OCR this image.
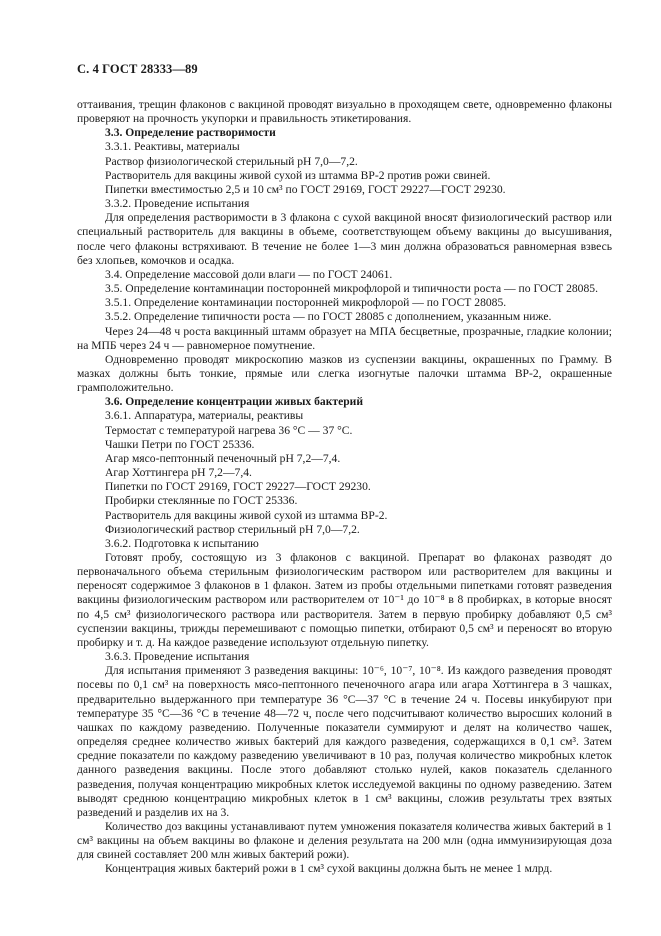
С. 4 ГОСТ 28333—89

оттаивания, трещин флаконов с вакциной проводят визуально в проходящем свете, одновременно флаконы проверяют на прочность укупорки и правильность этикетирования.

3.3. Определение растворимости

3.3.1. Реактивы, материалы

Раствор физиологической стерильный рН 7,0—7,2.

Растворитель для вакцины живой сухой из штамма ВР-2 против рожи свиней.

Пипетки вместимостью 2,5 и 10 см³ по ГОСТ 29169, ГОСТ 29227—ГОСТ 29230.

3.3.2. Проведение испытания

Для определения растворимости в 3 флакона с сухой вакциной вносят физиологический раствор или специальный растворитель для вакцины в объеме, соответствующем объему вакцины до высушивания, после чего флаконы встряхивают. В течение не более 1—3 мин должна образоваться равномерная взвесь без хлопьев, комочков и осадка.

3.4. Определение массовой доли влаги — по ГОСТ 24061.

3.5. Определение контаминации посторонней микрофлорой и типичности роста — по ГОСТ 28085.

3.5.1. Определение контаминации посторонней микрофлорой — по ГОСТ 28085.

3.5.2. Определение типичности роста — по ГОСТ 28085 с дополнением, указанным ниже.

Через 24—48 ч роста вакцинный штамм образует на МПА бесцветные, прозрачные, гладкие колонии; на МПБ через 24 ч — равномерное помутнение.

Одновременно проводят микроскопию мазков из суспензии вакцины, окрашенных по Грамму. В мазках должны быть тонкие, прямые или слегка изогнутые палочки штамма ВР-2, окрашенные грамположительно.

3.6. Определение концентрации живых бактерий

3.6.1. Аппаратура, материалы, реактивы

Термостат с температурой нагрева 36 °С — 37 °С.

Чашки Петри по ГОСТ 25336.

Агар мясо-пептонный печеночный рН 7,2—7,4.

Агар Хоттингера рН 7,2—7,4.

Пипетки по ГОСТ 29169, ГОСТ 29227—ГОСТ 29230.

Пробирки стеклянные по ГОСТ 25336.

Растворитель для вакцины живой сухой из штамма ВР-2.

Физиологический раствор стерильный рН 7,0—7,2.

3.6.2. Подготовка к испытанию

Готовят пробу, состоящую из 3 флаконов с вакциной. Препарат во флаконах разводят до первоначального объема стерильным физиологическим раствором или растворителем для вакцины и переносят содержимое 3 флаконов в 1 флакон. Затем из пробы отдельными пипетками готовят разведения вакцины физиологическим раствором или растворителем от 10⁻¹ до 10⁻⁸ в 8 пробирках, в которые вносят по 4,5 см³ физиологического раствора или растворителя. Затем в первую пробирку добавляют 0,5 см³ суспензии вакцины, трижды перемешивают с помощью пипетки, отбирают 0,5 см³ и переносят во вторую пробирку и т. д. На каждое разведение используют отдельную пипетку.

3.6.3. Проведение испытания

Для испытания применяют 3 разведения вакцины: 10⁻⁶, 10⁻⁷, 10⁻⁸. Из каждого разведения проводят посевы по 0,1 см³ на поверхность мясо-пептонного печеночного агара или агара Хоттингера в 3 чашках, предварительно выдержанного при температуре 36 °С—37 °С в течение 24 ч. Посевы инкубируют при температуре 35 °С—36 °С в течение 48—72 ч, после чего подсчитывают количество выросших колоний в чашках по каждому разведению. Полученные показатели суммируют и делят на количество чашек, определяя среднее количество живых бактерий для каждого разведения, содержащихся в 0,1 см³. Затем средние показатели по каждому разведению увеличивают в 10 раз, получая количество микробных клеток данного разведения вакцины. После этого добавляют столько нулей, каков показатель сделанного разведения, получая концентрацию микробных клеток исследуемой вакцины по одному разведению. Затем выводят среднюю концентрацию микробных клеток в 1 см³ вакцины, сложив результаты трех взятых разведений и разделив их на 3.

Количество доз вакцины устанавливают путем умножения показателя количества живых бактерий в 1 см³ вакцины на объем вакцины во флаконе и деления результата на 200 млн (одна иммунизирующая доза для свиней составляет 200 млн живых бактерий рожи).

Концентрация живых бактерий рожи в 1 см³ сухой вакцины должна быть не менее 1 млрд.
